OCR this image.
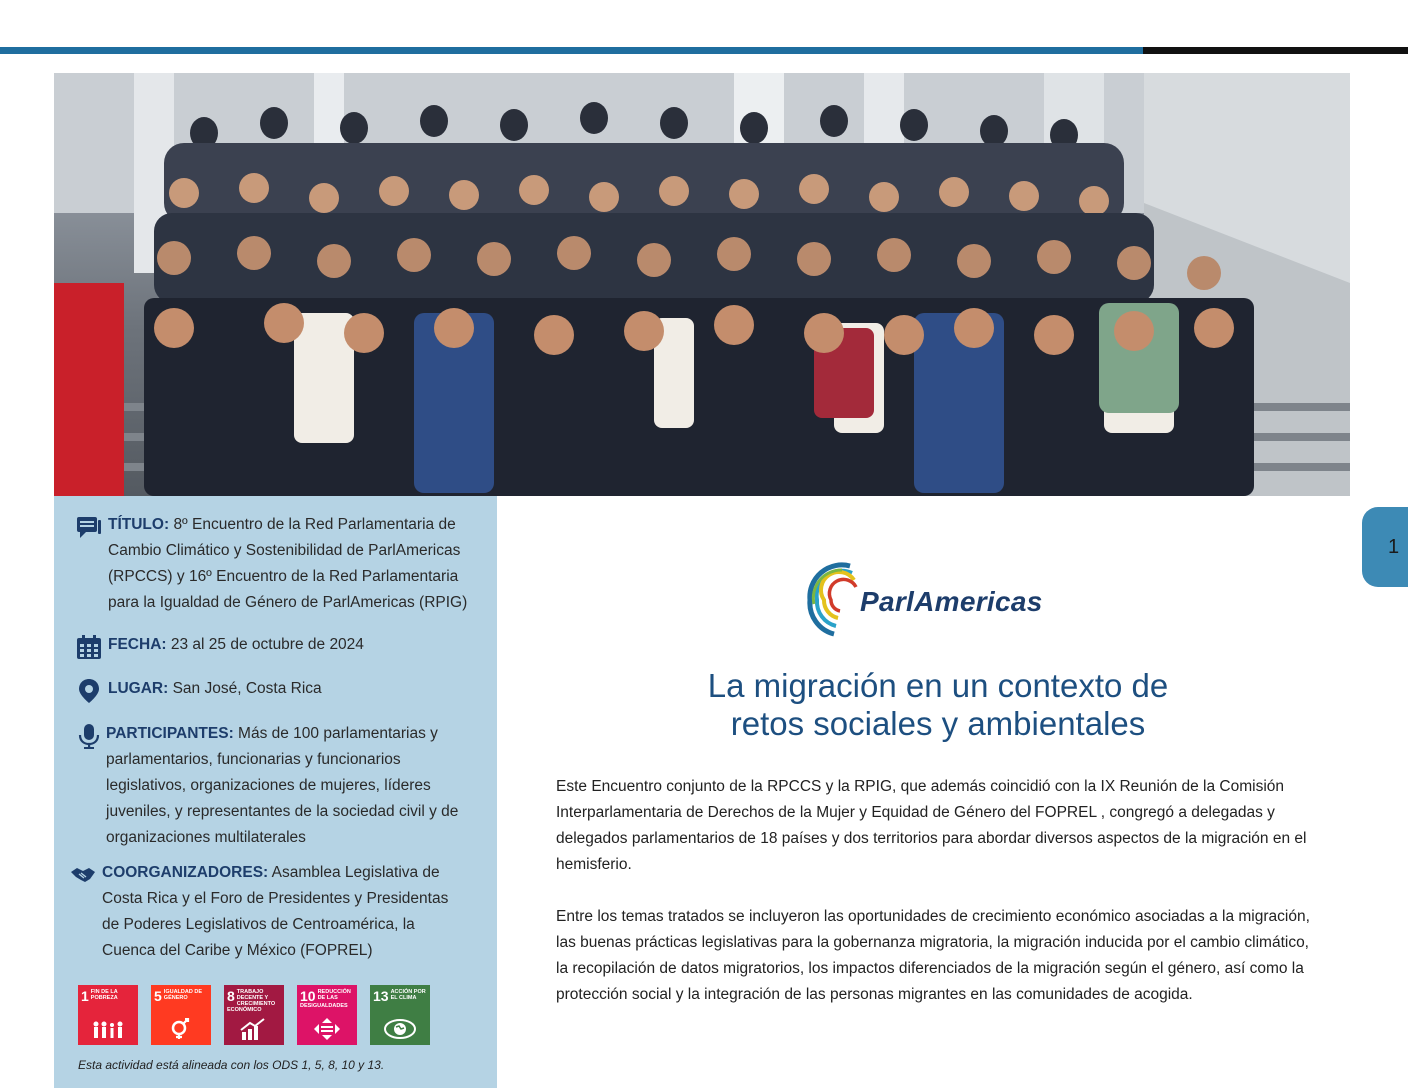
TÍTULO: 8º Encuentro de la Red Parlamentaria de Cambio Climático y Sostenibilidad de ParlAmericas (RPCCS) y 16º Encuentro de la Red Parlamentaria para la Igualdad de Género de ParlAmericas (RPIG)
FECHA: 23 al 25 de octubre de 2024
LUGAR: San José, Costa Rica
PARTICIPANTES: Más de 100 parlamentarias y parlamentarios, funcionarias y funcionarios legislativos, organizaciones de mujeres, líderes juveniles, y representantes de la sociedad civil y de organizaciones multilaterales
COORGANIZADORES: Asamblea Legislativa de Costa Rica y el Foro de Presidentes y Presidentas de Poderes Legislativos de Centroamérica, la Cuenca del Caribe y México (FOPREL)
1 FIN DE LA POBREZA	5 IGUALDAD DE GÉNERO	8 TRABAJO DECENTE Y CRECIMIENTO ECONÓMICO
10 REDUCCIÓN DE LAS DESIGUALDADES
13 ACCIÓN POR EL CLIMA
Esta actividad está alineada con los ODS 1, 5, 8, 10 y 13.
1
ParlAmericas
La migración en un contexto de
retos sociales y ambientales
Este Encuentro conjunto de la RPCCS y la RPIG, que además coincidió con la IX Reunión de la Comisión Interparlamentaria de Derechos de la Mujer y Equidad de Género del FOPREL , congregó a delegadas y delegados parlamentarios de 18 países y dos territorios para abordar diversos aspectos de la migración en el hemisferio.
Entre los temas tratados se incluyeron las oportunidades de crecimiento económico asociadas a la migración, las buenas prácticas legislativas para la gobernanza migratoria, la migración inducida por el cambio climático, la recopilación de datos migratorios, los impactos diferenciados de la migración según el género, así como la protección social y la integración de las personas migrantes en las comunidades de acogida.
